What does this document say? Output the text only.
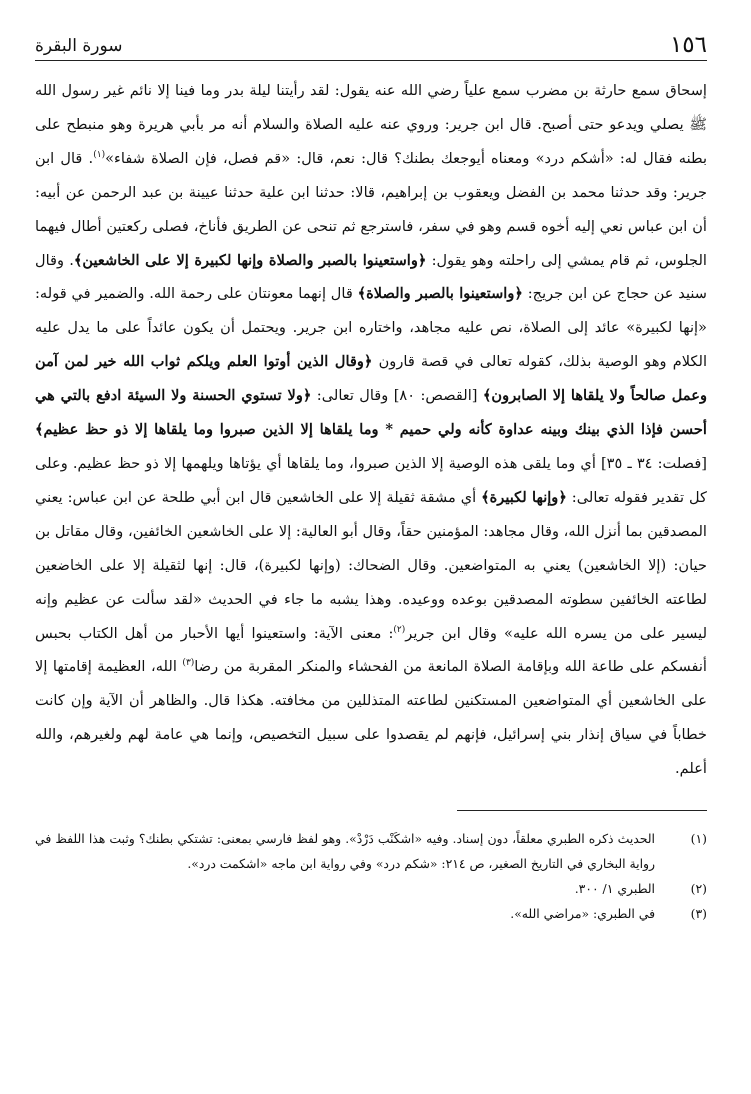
١٥٦
سورة البقرة

إسحاق سمع حارثة بن مضرب سمع علياً رضي الله عنه يقول: لقد رأيتنا ليلة بدر وما فينا إلا نائم غير رسول الله ﷺ يصلي ويدعو حتى أصبح. قال ابن جرير: وروي عنه عليه الصلاة والسلام أنه مر بأبي هريرة وهو منبطح على بطنه فقال له: «أشكم درد» ومعناه أيوجعك بطنك؟ قال: نعم، قال: «قم فصل، فإن الصلاة شفاء»$^{(١)}$. قال ابن جرير: وقد حدثنا محمد بن الفضل ويعقوب بن إبراهيم، قالا: حدثنا ابن علية حدثنا عيينة بن عبد الرحمن عن أبيه: أن ابن عباس نعي إليه أخوه قسم وهو في سفر، فاسترجع ثم تنحى عن الطريق فأناخ، فصلى ركعتين أطال فيهما الجلوس، ثم قام يمشي إلى راحلته وهو يقول: ﴿واستعينوا بالصبر والصلاة وإنها لكبيرة إلا على الخاشعين﴾. وقال سنيد عن حجاج عن ابن جريج: ﴿واستعينوا بالصبر والصلاة﴾ قال إنهما معونتان على رحمة الله. والضمير في قوله: «إنها لكبيرة» عائد إلى الصلاة، نص عليه مجاهد، واختاره ابن جرير. ويحتمل أن يكون عائداً على ما يدل عليه الكلام وهو الوصية بذلك، كقوله تعالى في قصة قارون ﴿وقال الذين أوتوا العلم ويلكم ثواب الله خير لمن آمن وعمل صالحاً ولا يلقاها إلا الصابرون﴾ [القصص: ٨٠] وقال تعالى: ﴿ولا تستوي الحسنة ولا السيئة ادفع بالتي هي أحسن فإذا الذي بينك وبينه عداوة كأنه ولي حميم * وما يلقاها إلا الذين صبروا وما يلقاها إلا ذو حظ عظيم﴾ [فصلت: ٣٤ ـ ٣٥] أي وما يلقى هذه الوصية إلا الذين صبروا، وما يلقاها أي يؤتاها ويلهمها إلا ذو حظ عظيم. وعلى كل تقدير فقوله تعالى: ﴿وإنها لكبيرة﴾ أي مشقة ثقيلة إلا على الخاشعين قال ابن أبي طلحة عن ابن عباس: يعني المصدقين بما أنزل الله، وقال مجاهد: المؤمنين حقاً، وقال أبو العالية: إلا على الخاشعين الخائفين، وقال مقاتل بن حيان: (إلا الخاشعين) يعني به المتواضعين. وقال الضحاك: (وإنها لكبيرة)، قال: إنها لثقيلة إلا على الخاضعين لطاعته الخائفين سطوته المصدقين بوعده ووعيده. وهذا يشبه ما جاء في الحديث «لقد سألت عن عظيم وإنه ليسير على من يسره الله عليه» وقال ابن جرير$^{(٢)}$: معنى الآية: واستعينوا أيها الأحبار من أهل الكتاب بحبس أنفسكم على طاعة الله وبإقامة الصلاة المانعة من الفحشاء والمنكر المقربة من رضا$^{(٣)}$ الله، العظيمة إقامتها إلا على الخاشعين أي المتواضعين المستكنين لطاعته المتذللين من مخافته. هكذا قال. والظاهر أن الآية وإن كانت خطاباً في سياق إنذار بني إسرائيل، فإنهم لم يقصدوا على سبيل التخصيص، وإنما هي عامة لهم ولغيرهم، والله أعلم.

(١)
الحديث ذكره الطبري معلقاً، دون إسناد. وفيه «اشكَنْب دَرْدْ». وهو لفظ فارسي بمعنى: تشتكي بطنك؟ وثبت هذا اللفظ في رواية البخاري في التاريخ الصغير، ص ٢١٤: «شكم درد» وفي رواية ابن ماجه «اشكمت درد».
(٢)
الطبري ١/ ٣٠٠.
(٣)
في الطبري: «مراضي الله».
